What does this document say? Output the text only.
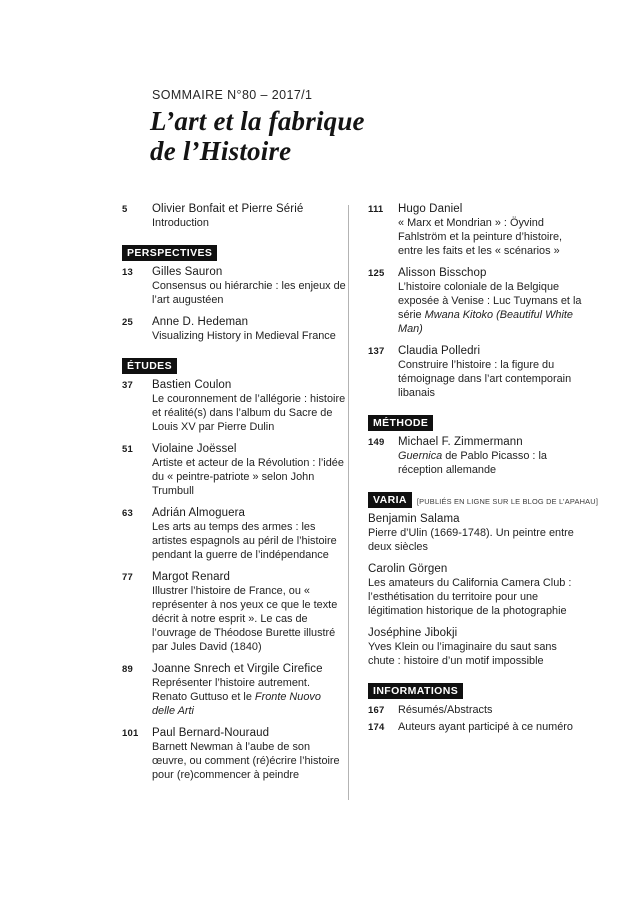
SOMMAIRE N°80 – 2017/1
L’art et la fabrique
de l’Histoire
5	Olivier Bonfait et Pierre Sérié
Introduction
PERSPECTIVES
13	Gilles Sauron
Consensus ou hiérarchie : les enjeux de l’art augustéen
25	Anne D. Hedeman
Visualizing History in Medieval France
ÉTUDES
37	Bastien Coulon
Le couronnement de l’allégorie : histoire et réalité(s) dans l’album du Sacre de Louis XV par Pierre Dulin
51	Violaine Joëssel
Artiste et acteur de la Révolution : l’idée du « peintre-patriote » selon John Trumbull
63	Adrián Almoguera
Les arts au temps des armes : les artistes espagnols au péril de l’histoire pendant la guerre de l’indépendance
77	Margot Renard
Illustrer l’histoire de France, ou « représenter à nos yeux ce que le texte décrit à notre esprit ». Le cas de l’ouvrage de Théodose Burette illustré par Jules David (1840)
89	Joanne Snrech et Virgile Cirefice
Représenter l’histoire autrement. Renato Guttuso et le Fronte Nuovo delle Arti
101	Paul Bernard-Nouraud
Barnett Newman à l’aube de son œuvre, ou comment (ré)écrire l’histoire pour (re)commencer à peindre
111	Hugo Daniel
« Marx et Mondrian » : Öyvind Fahlström et la peinture d’histoire, entre les faits et les « scénarios »
125	Alisson Bisschop
L’histoire coloniale de la Belgique exposée à Venise : Luc Tuymans et la série Mwana Kitoko (Beautiful White Man)
137	Claudia Polledri
Construire l’histoire : la figure du témoignage dans l’art contemporain libanais
MÉTHODE
149	Michael F. Zimmermann
Guernica de Pablo Picasso : la réception allemande
VARIA	[PUBLIÉS EN LIGNE SUR LE BLOG DE L’APAHAU]
Benjamin Salama
Pierre d’Ulin (1669-1748). Un peintre entre deux siècles
Carolin Görgen
Les amateurs du California Camera Club : l’esthétisation du territoire pour une légitimation historique de la photographie
Joséphine Jibokji
Yves Klein ou l’imaginaire du saut sans chute : histoire d’un motif impossible
INFORMATIONS
167	Résumés/Abstracts
174	Auteurs ayant participé à ce numéro
